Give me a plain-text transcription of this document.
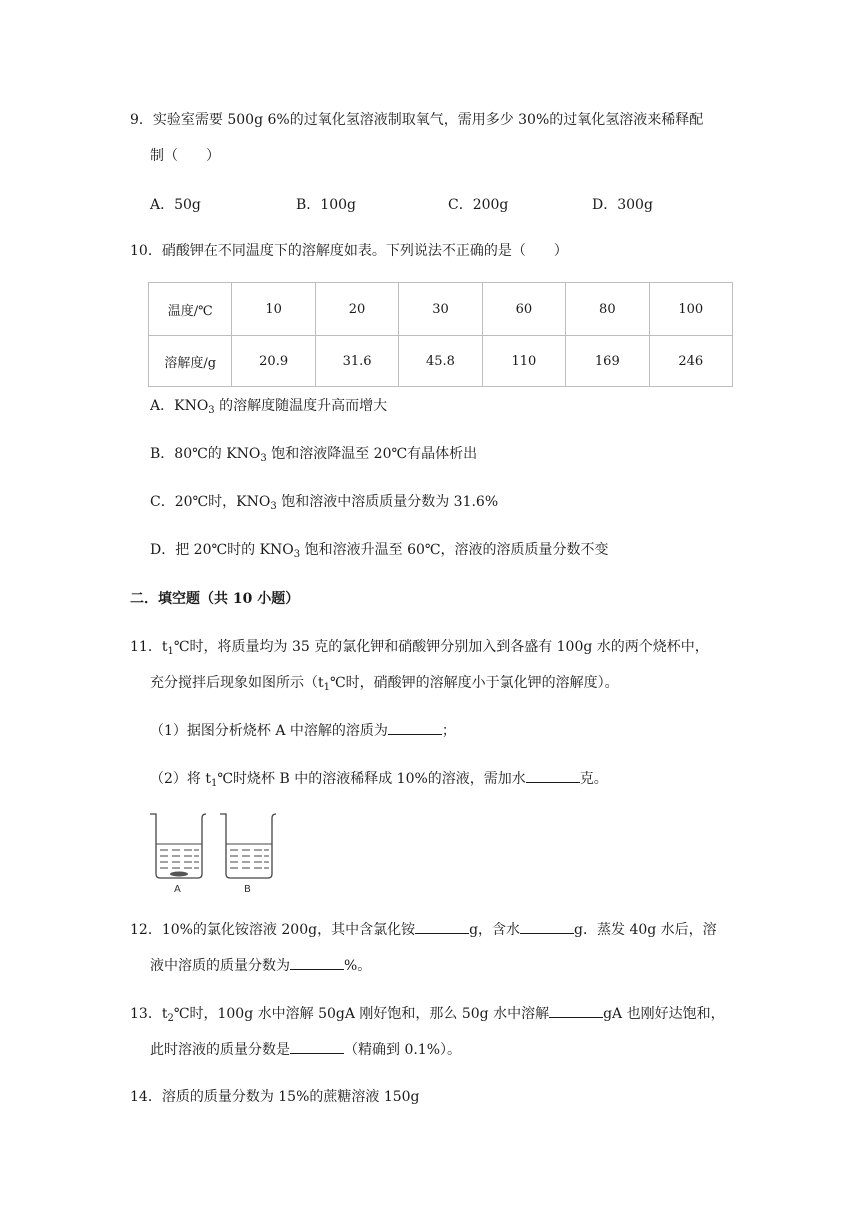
9．实验室需要 500g 6%的过氧化氢溶液制取氧气，需用多少 30%的过氧化氢溶液来稀释配
制（　　）
A．50g	B．100g	C．200g	D．300g
10．硝酸钾在不同温度下的溶解度如表。下列说法不正确的是（　　）
温度/℃	10	20	30	60	80	100
溶解度/g	20.9	31.6	45.8	110	169	246
A．$KNO_3$ 的溶解度随温度升高而增大
B．80℃的 $KNO_3$ 饱和溶液降温至 20℃有晶体析出
C．20℃时，$KNO_3$ 饱和溶液中溶质质量分数为 31.6%
D．把 20℃时的 $KNO_3$ 饱和溶液升温至 60℃，溶液的溶质质量分数不变
二．填空题（共 10 小题）
11．$t_1℃$时，将质量均为 35 克的氯化钾和硝酸钾分别加入到各盛有 100g 水的两个烧杯中，
充分搅拌后现象如图所示（$t_1℃$时，硝酸钾的溶解度小于氯化钾的溶解度）。
（1）据图分析烧杯 A 中溶解的溶质为	；
（2）将 $t_1℃$时烧杯 B 中的溶液稀释成 10%的溶液，需加水	克。
A	B
12．10%的氯化铵溶液 200g，其中含氯化铵	g，含水	g．蒸发 40g 水后，溶
液中溶质的质量分数为	%。
13．$t_2℃$时，100g 水中溶解 50gA 刚好饱和，那么 50g 水中溶解	gA 也刚好达饱和，
此时溶液的质量分数是	（精确到 0.1%）。
14．溶质的质量分数为 15%的蔗糖溶液 150g
